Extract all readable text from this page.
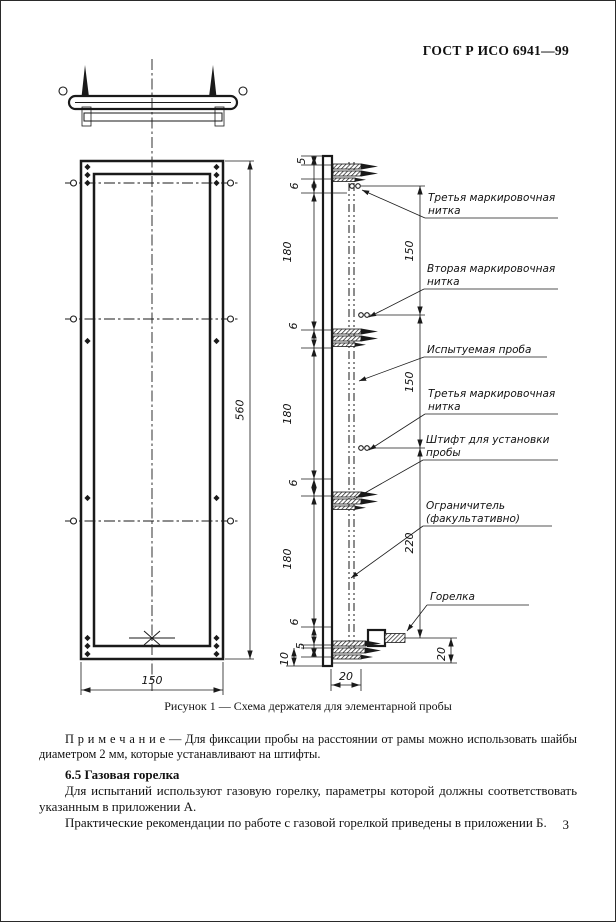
ГОСТ Р ИСО 6941—99
560
150
5
6
180
6
180
6
180
6
5
10
150
150
220
20
20
Третья маркировочная
нитка
Вторая маркировочная
нитка
Испытуемая проба
Третья маркировочная
нитка
Штифт для установки
пробы
Ограничитель
(факультативно)
Горелка
Рисунок 1 — Схема держателя для элементарной пробы

П р и м е ч а н и е — Для фиксации пробы на расстоянии от рамы можно использовать шайбы диаметром 2 мм, которые устанавливают на штифты.

6.5 Газовая горелка

Для испытаний используют газовую горелку, параметры которой должны соответствовать указанным в приложении А.

Практические рекомендации по работе с газовой горелкой приведены в приложении Б.	3
